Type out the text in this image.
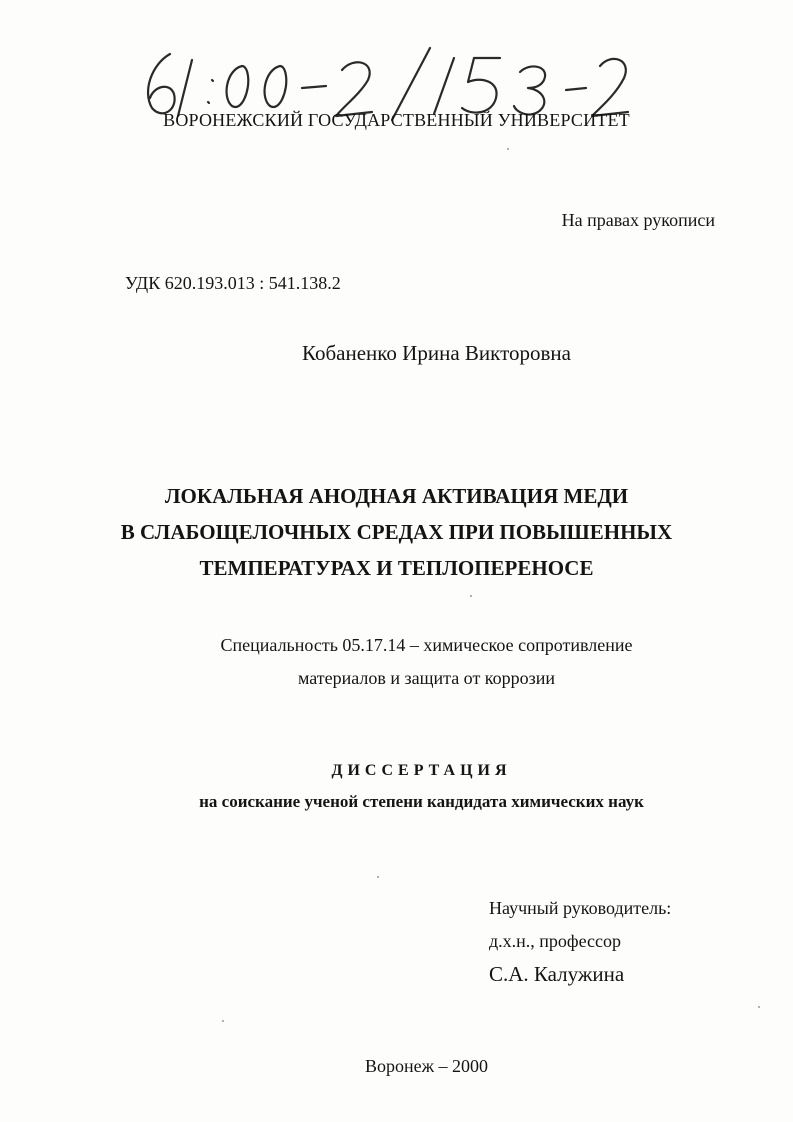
ВОРОНЕЖСКИЙ ГОСУДАРСТВЕННЫЙ УНИВЕРСИТЕТ
На правах рукописи
УДК 620.193.013 : 541.138.2
Кобаненко Ирина Викторовна
ЛОКАЛЬНАЯ АНОДНАЯ АКТИВАЦИЯ МЕДИ
В СЛАБОЩЕЛОЧНЫХ СРЕДАХ ПРИ ПОВЫШЕННЫХ
ТЕМПЕРАТУРАХ И ТЕПЛОПЕРЕНОСЕ
Специальность 05.17.14 – химическое сопротивление
материалов и защита от коррозии
ДИССЕРТАЦИЯ
на соискание ученой степени кандидата химических наук
Научный руководитель:
д.х.н., профессор
С.А. Калужина
Воронеж – 2000
